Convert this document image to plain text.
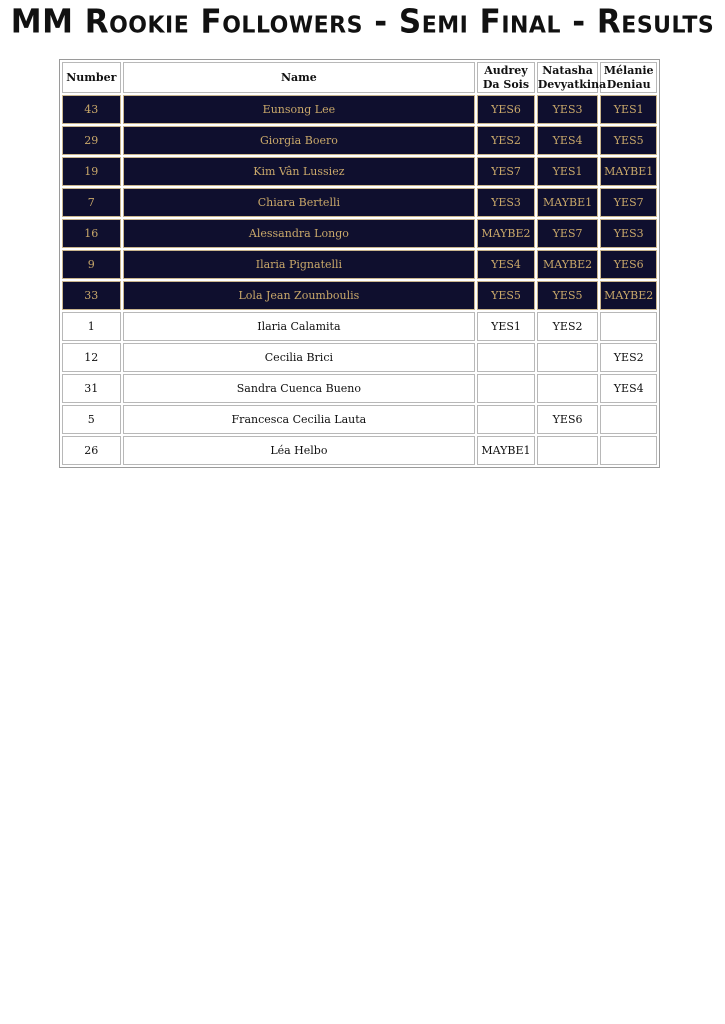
MM Rookie Followers - Semi Final - Results
Number	Name	Audrey Da Sois	Natasha Devyatkina	Mélanie Deniau
43	Eunsong Lee	YES6	YES3	YES1
29	Giorgia Boero	YES2	YES4	YES5
19	Kim Vân Lussiez	YES7	YES1	MAYBE1
7	Chiara Bertelli	YES3	MAYBE1	YES7
16	Alessandra Longo	MAYBE2	YES7	YES3
9	Ilaria Pignatelli	YES4	MAYBE2	YES6
33	Lola Jean Zoumboulis	YES5	YES5	MAYBE2
1	Ilaria Calamita	YES1	YES2	
12	Cecilia Brici			YES2
31	Sandra Cuenca Bueno			YES4
5	Francesca Cecilia Lauta		YES6	
26	Léa Helbo	MAYBE1		
